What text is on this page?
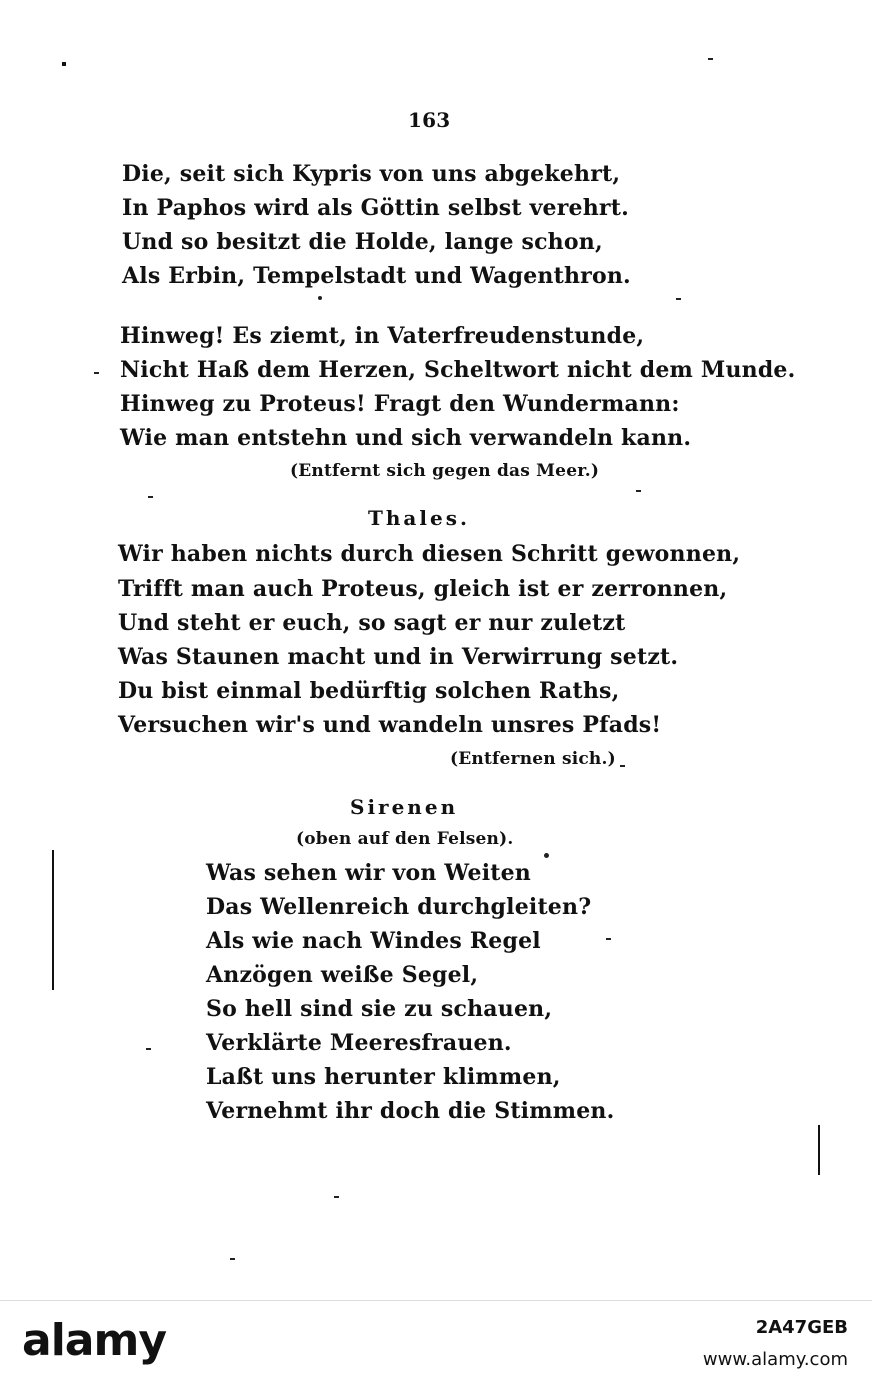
163
Die, seit sich Kypris von uns abgekehrt,
In Paphos wird als Göttin selbst verehrt.
Und so besitzt die Holde, lange schon,
Als Erbin, Tempelstadt und Wagenthron.
Hinweg! Es ziemt, in Vaterfreudenstunde,
Nicht Haß dem Herzen, Scheltwort nicht dem Munde.
Hinweg zu Proteus! Fragt den Wundermann:
Wie man entstehn und sich verwandeln kann.
(Entfernt sich gegen das Meer.)
Thales.
Wir haben nichts durch diesen Schritt gewonnen,
Trifft man auch Proteus, gleich ist er zerronnen,
Und steht er euch, so sagt er nur zuletzt
Was Staunen macht und in Verwirrung setzt.
Du bist einmal bedürftig solchen Raths,
Versuchen wir's und wandeln unsres Pfads!
(Entfernen sich.)
Sirenen
(oben auf den Felsen).
Was sehen wir von Weiten
Das Wellenreich durchgleiten?
Als wie nach Windes Regel
Anzögen weiße Segel,
So hell sind sie zu schauen,
Verklärte Meeresfrauen.
Laßt uns herunter klimmen,
Vernehmt ihr doch die Stimmen.
alamy	2A47GEB
www.alamy.com
